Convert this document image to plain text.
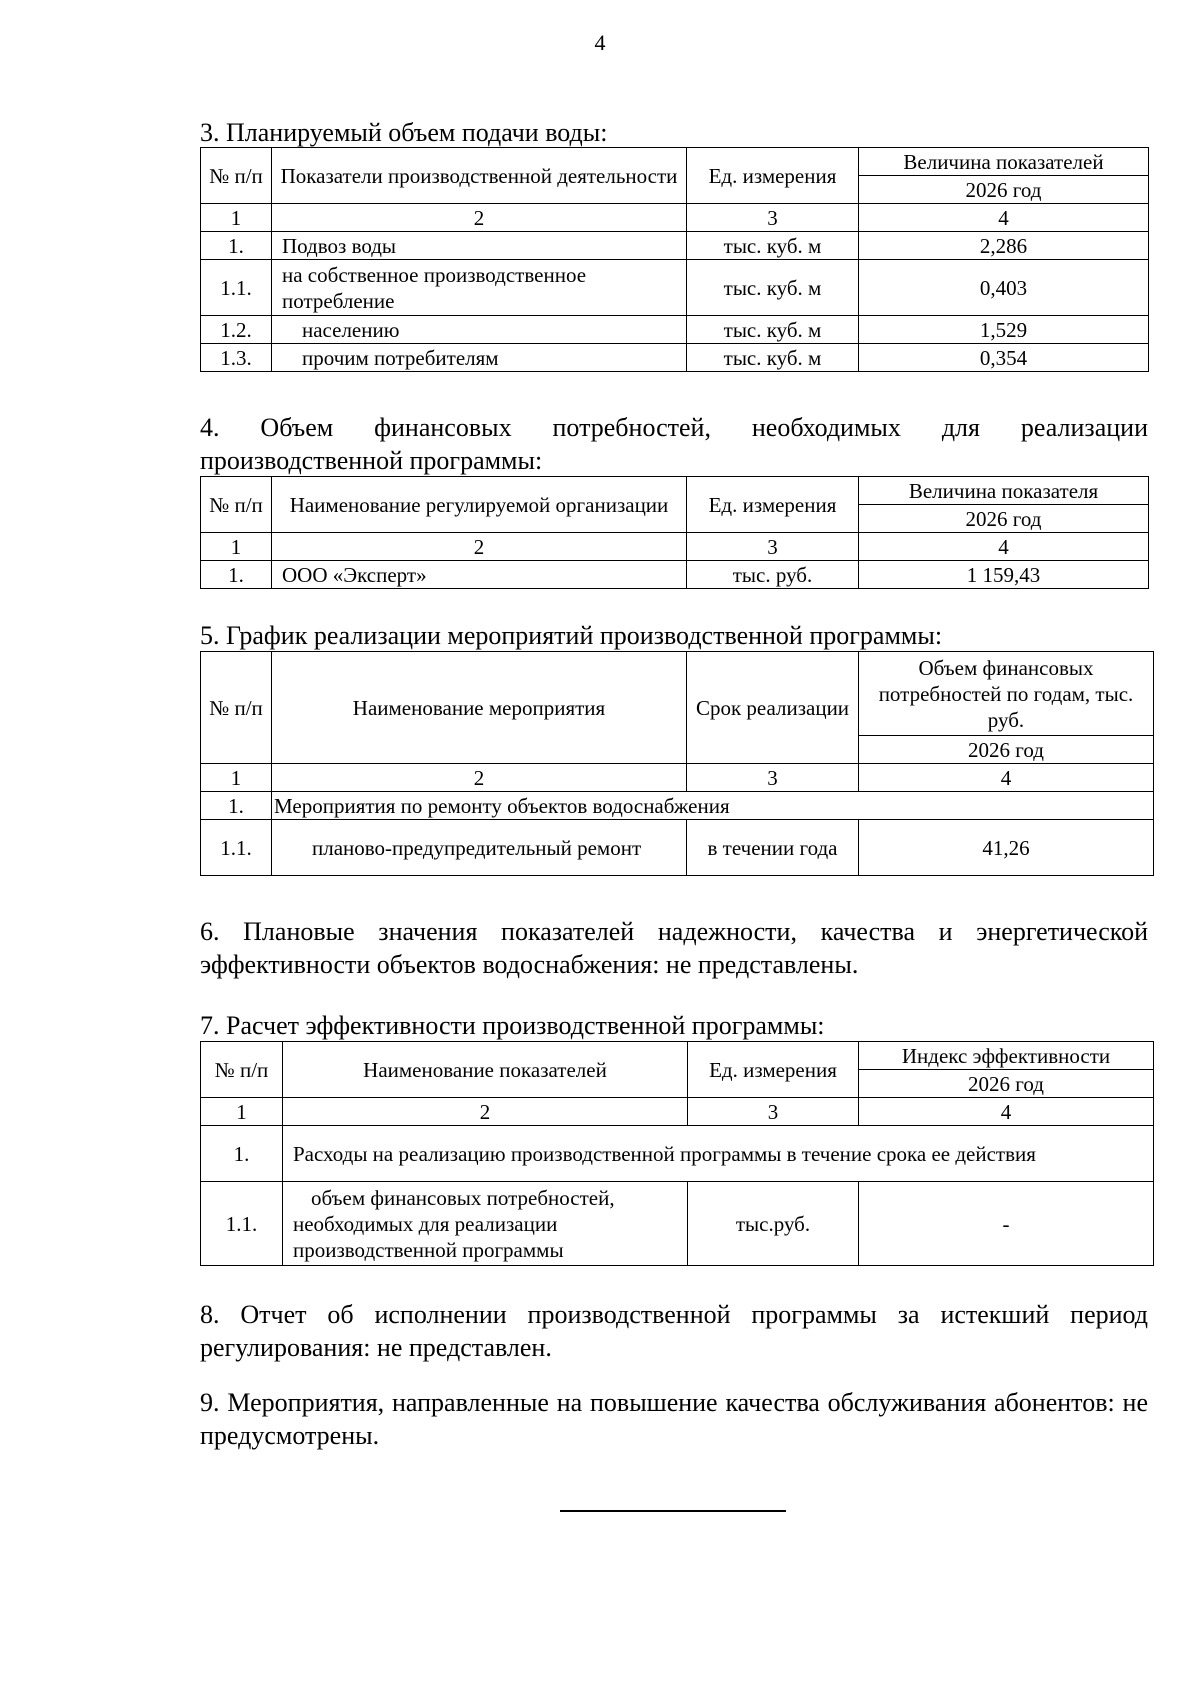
4

3. Планируемый объем подачи воды:

№ п/п	Показатели производственной деятельности	Ед. измерения	Величина показателей
			2026 год
1	2	3	4
1.	Подвоз воды	тыс. куб. м	2,286
1.1.	на собственное производственное потребление	тыс. куб. м	0,403
1.2.	населению	тыс. куб. м	1,529
1.3.	прочим потребителям	тыс. куб. м	0,354

4. Объем финансовых потребностей, необходимых для реализации

производственной программы:

№ п/п	Наименование регулируемой организации	Ед. измерения	Величина показателя
			2026 год
1	2	3	4
1.	ООО «Эксперт»	тыс. руб.	1 159,43

5. График реализации мероприятий производственной программы:

№ п/п	Наименование мероприятия	Срок реализации	Объем финансовых потребностей по годам, тыс. руб.
			2026 год
1	2	3	4
1.	Мероприятия по ремонту объектов водоснабжения		
1.1.	планово-предупредительный ремонт	в течении года	41,26

6. Плановые значения показателей надежности, качества и энергетической эффективности объектов водоснабжения: не представлены.

7. Расчет эффективности производственной программы:

№ п/п	Наименование показателей	Ед. измерения	Индекс эффективности
			2026 год
1	2	3	4
1.	Расходы на реализацию производственной программы в течение срока ее действия		
1.1.	объем финансовых потребностей, необходимых для реализации производственной программы	тыс.руб.	-

8. Отчет об исполнении производственной программы за истекший период регулирования: не представлен.

9. Мероприятия, направленные на повышение качества обслуживания абонентов: не предусмотрены.
